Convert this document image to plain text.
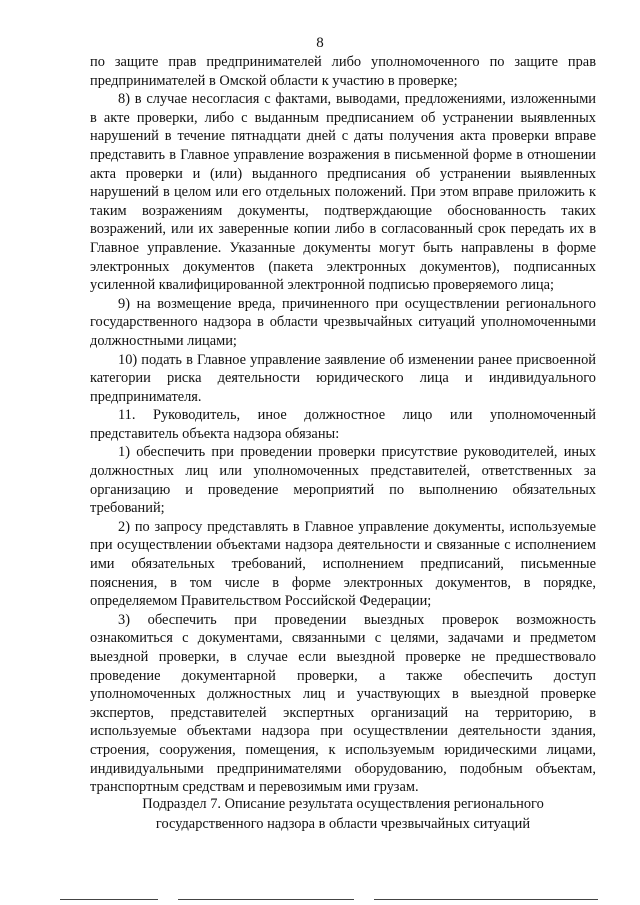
8

по защите прав предпринимателей либо уполномоченного по защите прав предпринимателей в Омской области к участию в проверке;

8) в случае несогласия с фактами, выводами, предложениями, изложенными в акте проверки, либо с выданным предписанием об устранении выявленных нарушений в течение пятнадцати дней с даты получения акта проверки вправе представить в Главное управление возражения в письменной форме в отношении акта проверки и (или) выданного предписания об устранении выявленных нарушений в целом или его отдельных положений. При этом вправе приложить к таким возражениям документы, подтверждающие обоснованность таких возражений, или их заверенные копии либо в согласованный срок передать их в Главное управление. Указанные документы могут быть направлены в форме электронных документов (пакета электронных документов), подписанных усиленной квалифицированной электронной подписью проверяемого лица;

9) на возмещение вреда, причиненного при осуществлении регионального государственного надзора в области чрезвычайных ситуаций уполномоченными должностными лицами;

10) подать в Главное управление заявление об изменении ранее присвоенной категории риска деятельности юридического лица и индивидуального предпринимателя.

11. Руководитель, иное должностное лицо или уполномоченный представитель объекта надзора обязаны:

1) обеспечить при проведении проверки присутствие руководителей, иных должностных лиц или уполномоченных представителей, ответственных за организацию и проведение мероприятий по выполнению обязательных требований;

2) по запросу представлять в Главное управление документы, используемые при осуществлении объектами надзора деятельности и связанные с исполнением ими обязательных требований, исполнением предписаний, письменные пояснения, в том числе в форме электронных документов, в порядке, определяемом Правительством Российской Федерации;

3) обеспечить при проведении выездных проверок возможность ознакомиться с документами, связанными с целями, задачами и предметом выездной проверки, в случае если выездной проверке не предшествовало проведение документарной проверки, а также обеспечить доступ уполномоченных должностных лиц и участвующих в выездной проверке экспертов, представителей экспертных организаций на территорию, в используемые объектами надзора при осуществлении деятельности здания, строения, сооружения, помещения, к используемым юридическими лицами, индивидуальными предпринимателями оборудованию, подобным объектам, транспортным средствам и перевозимым ими грузам.

Подраздел 7. Описание результата осуществления регионального
государственного надзора в области чрезвычайных ситуаций
